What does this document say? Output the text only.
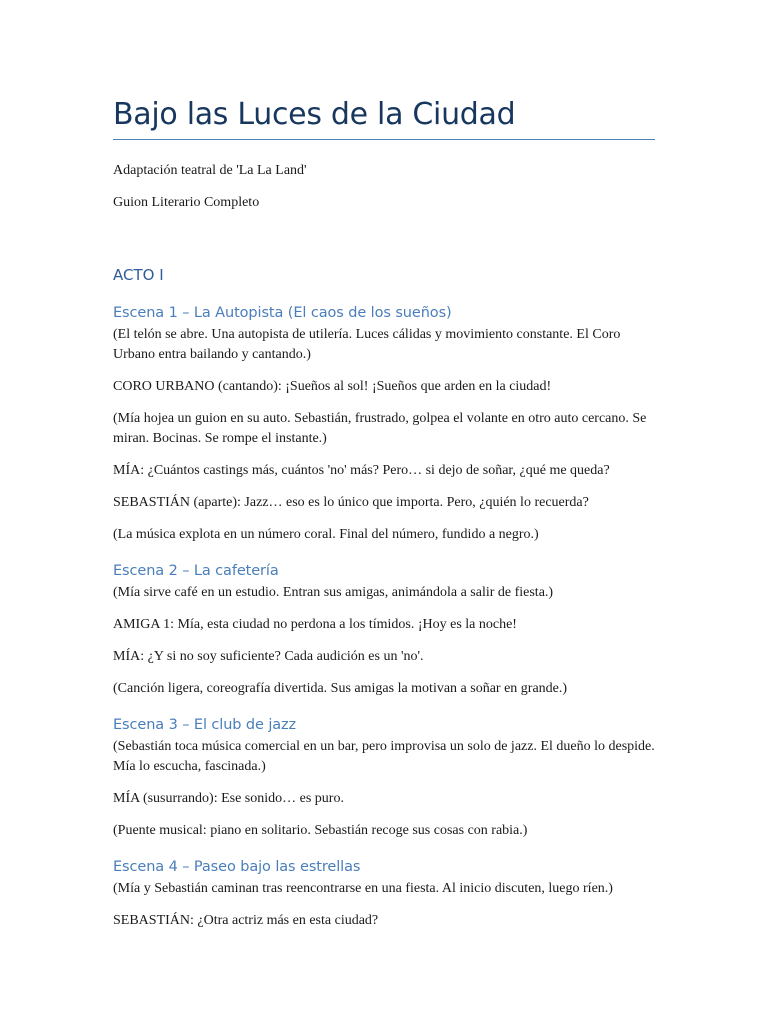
Bajo las Luces de la Ciudad

Adaptación teatral de 'La La Land'

Guion Literario Completo

ACTO I
Escena 1 – La Autopista (El caos de los sueños)

(El telón se abre. Una autopista de utilería. Luces cálidas y movimiento constante. El Coro Urbano entra bailando y cantando.)

CORO URBANO (cantando): ¡Sueños al sol! ¡Sueños que arden en la ciudad!

(Mía hojea un guion en su auto. Sebastián, frustrado, golpea el volante en otro auto cercano. Se miran. Bocinas. Se rompe el instante.)

MÍA: ¿Cuántos castings más, cuántos 'no' más? Pero… si dejo de soñar, ¿qué me queda?

SEBASTIÁN (aparte): Jazz… eso es lo único que importa. Pero, ¿quién lo recuerda?

(La música explota en un número coral. Final del número, fundido a negro.)

Escena 2 – La cafetería

(Mía sirve café en un estudio. Entran sus amigas, animándola a salir de fiesta.)

AMIGA 1: Mía, esta ciudad no perdona a los tímidos. ¡Hoy es la noche!

MÍA: ¿Y si no soy suficiente? Cada audición es un 'no'.

(Canción ligera, coreografía divertida. Sus amigas la motivan a soñar en grande.)

Escena 3 – El club de jazz

(Sebastián toca música comercial en un bar, pero improvisa un solo de jazz. El dueño lo despide. Mía lo escucha, fascinada.)

MÍA (susurrando): Ese sonido… es puro.

(Puente musical: piano en solitario. Sebastián recoge sus cosas con rabia.)

Escena 4 – Paseo bajo las estrellas

(Mía y Sebastián caminan tras reencontrarse en una fiesta. Al inicio discuten, luego ríen.)

SEBASTIÁN: ¿Otra actriz más en esta ciudad?
